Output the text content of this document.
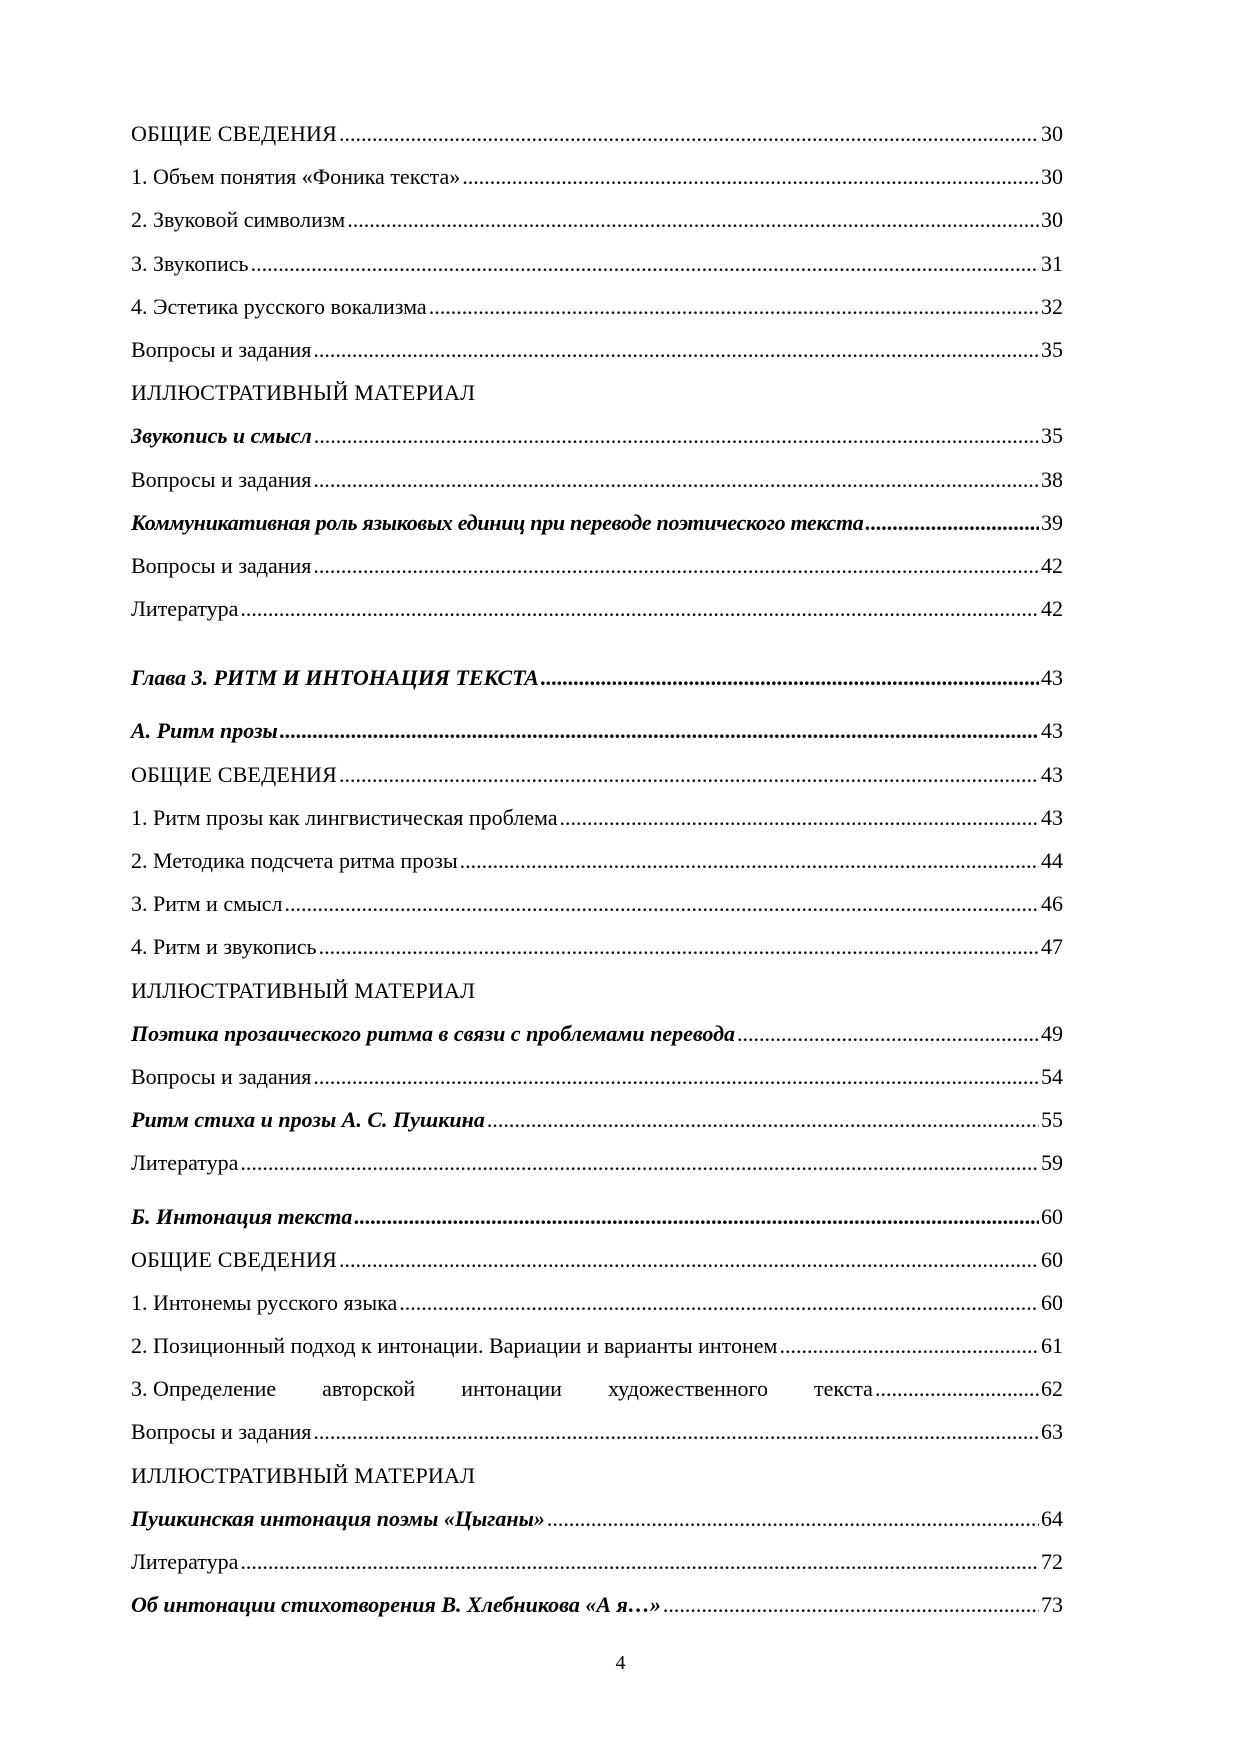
ОБЩИЕ СВЕДЕНИЯ .....	30
1. Объем понятия «Фоника текста» .....	30
2. Звуковой символизм .....	30
3. Звукопись .....	31
4. Эстетика русского вокализма .....	32
Вопросы и задания .....	35
ИЛЛЮСТРАТИВНЫЙ МАТЕРИАЛ
Звукопись и смысл .....	35
Вопросы и задания .....	38
Коммуникативная роль языковых единиц при переводе поэтического текста .....	39
Вопросы и задания .....	42
Литература .....	42
Глава 3. РИТМ И ИНТОНАЦИЯ ТЕКСТА .....	43
А. Ритм прозы .....	43
ОБЩИЕ СВЕДЕНИЯ .....	43
1. Ритм прозы как лингвистическая проблема .....	43
2. Методика подсчета ритма прозы .....	44
3. Ритм и смысл .....	46
4. Ритм и звукопись .....	47
ИЛЛЮСТРАТИВНЫЙ МАТЕРИАЛ
Поэтика прозаического ритма в связи с проблемами перевода .....	49
Вопросы и задания .....	54
Ритм стиха и прозы А. С. Пушкина .....	55
Литература .....	59
Б. Интонация текста .....	60
ОБЩИЕ СВЕДЕНИЯ .....	60
1. Интонемы русского языка .....	60
2. Позиционный подход к интонации. Вариации и варианты интонем .....	61
3. Определение авторской интонации художественного текста .....	62
Вопросы и задания .....	63
ИЛЛЮСТРАТИВНЫЙ МАТЕРИАЛ
Пушкинская интонация поэмы «Цыганы» .....	64
Литература .....	72
Об интонации стихотворения В. Хлебникова «А я…» .....	73
4
